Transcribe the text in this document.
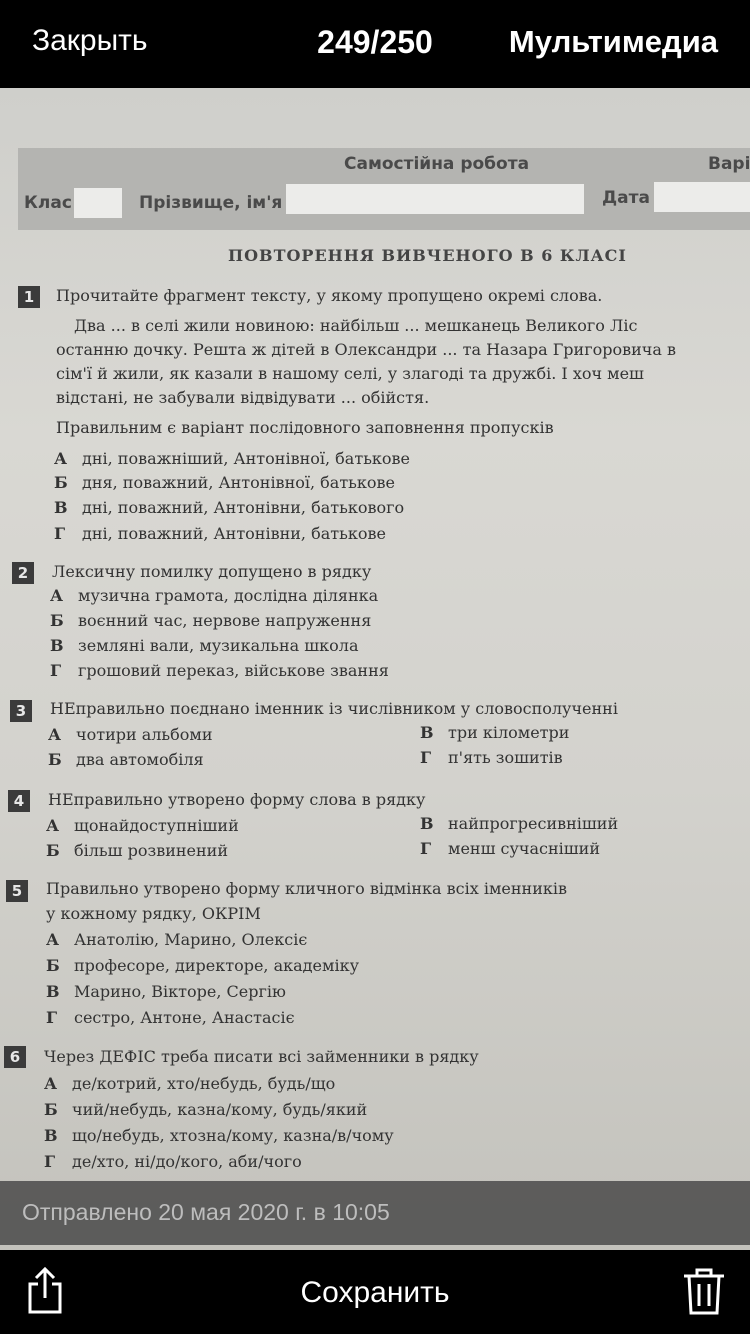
Закрыть	249/250	Мультимедиа
Самостійна робота	Варі
Клас	Прізвище, ім'я	Дата
ПОВТОРЕННЯ ВИВЧЕНОГО В 6 КЛАСІ
1	Прочитайте фрагмент тексту, у якому пропущено окремі слова.
Два ... в селі жили новиною: найбільш ... мешканець Великого Ліс
останню дочку. Решта ж дітей в Олександри ... та Назара Григоровича в
сім'ї й жили, як казали в нашому селі, у злагоді та дружбі. І хоч меш
відстані, не забували відвідувати ... обійстя.
Правильним є варіант послідовного заповнення пропусків
А дні, поважніший, Антонівної, батькове
Б дня, поважний, Антонівної, батькове
В дні, поважний, Антонівни, батькового
Г дні, поважний, Антонівни, батькове
2	Лексичну помилку допущено в рядку
А музична грамота, дослідна ділянка
Б воєнний час, нервове напруження
В земляні вали, музикальна школа
Г грошовий переказ, військове звання
3	НЕправильно поєднано іменник із числівником у словосполученні
А чотири альбоми
Б два автомобіля
В три кілометри
Г п'ять зошитів
4	НЕправильно утворено форму слова в рядку
А щонайдоступніший
Б більш розвинений
В найпрогресивніший
Г менш сучасніший
5	Правильно утворено форму кличного відмінка всіх іменників
у кожному рядку, ОКРІМ
А Анатолію, Марино, Олексіє
Б професоре, директоре, академіку
В Марино, Вікторе, Сергію
Г сестро, Антоне, Анастасіє
6	Через ДЕФІС треба писати всі займенники в рядку
А де/котрий, хто/небудь, будь/що
Б чий/небудь, казна/кому, будь/який
В що/небудь, хтозна/кому, казна/в/чому
Г де/хто, ні/до/кого, аби/чого
Отправлено 20 мая 2020 г. в 10:05
Сохранить
